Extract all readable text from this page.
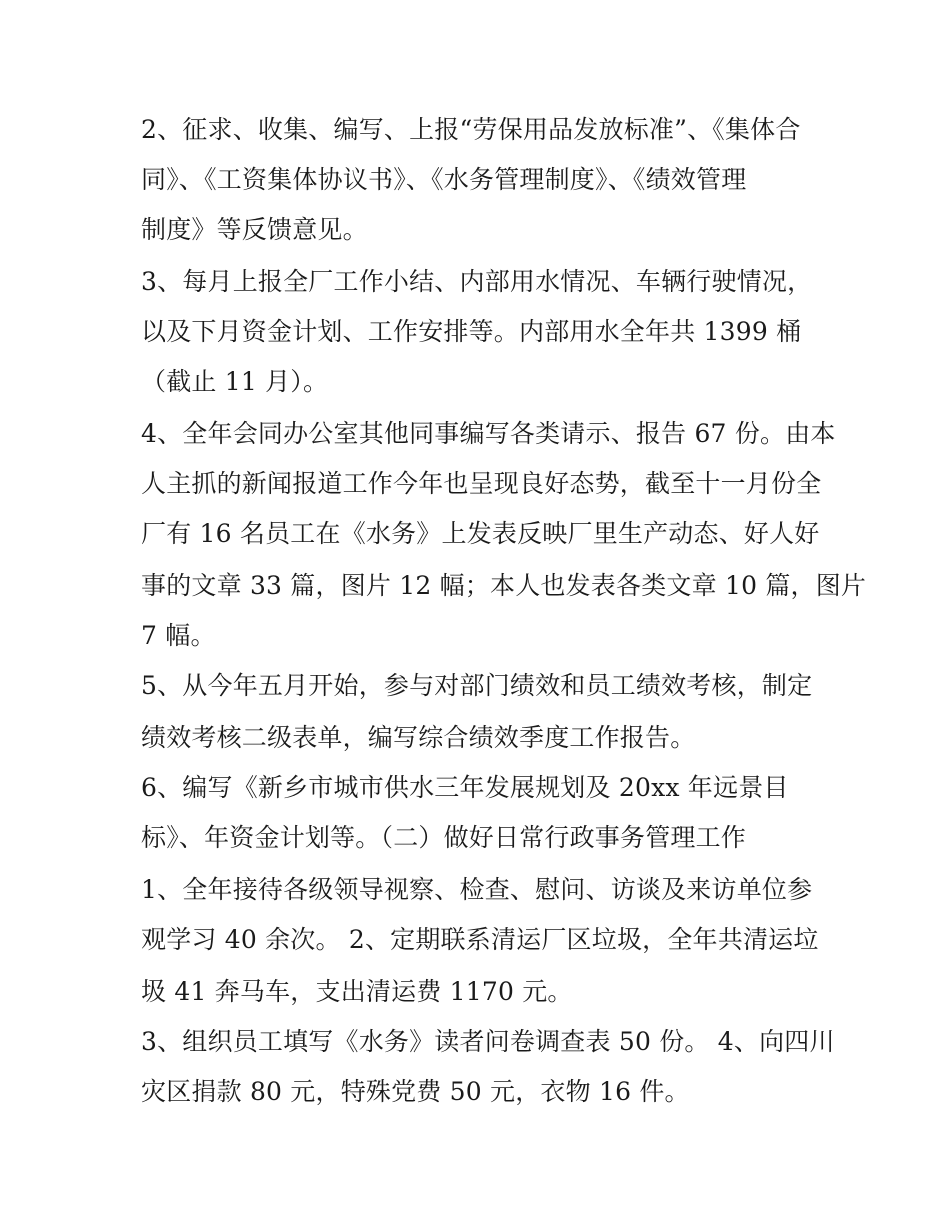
2、征求、收集、编写、上报“劳保用品发放标准”、《集体合
同》、《工资集体协议书》、《水务管理制度》、《绩效管理
制度》等反馈意见。
3、每月上报全厂工作小结、内部用水情况、车辆行驶情况，
以及下月资金计划、工作安排等。内部用水全年共 1399 桶
（截止 11 月）。
4、全年会同办公室其他同事编写各类请示、报告 67 份。由本
人主抓的新闻报道工作今年也呈现良好态势，截至十一月份全
厂有 16 名员工在《水务》上发表反映厂里生产动态、好人好
事的文章 33 篇，图片 12 幅；本人也发表各类文章 10 篇，图片
7 幅。
5、从今年五月开始，参与对部门绩效和员工绩效考核，制定
绩效考核二级表单，编写综合绩效季度工作报告。
6、编写《新乡市城市供水三年发展规划及 20xx 年远景目
标》、年资金计划等。（二）做好日常行政事务管理工作
1、全年接待各级领导视察、检查、慰问、访谈及来访单位参
观学习 40 余次。 2、定期联系清运厂区垃圾，全年共清运垃
圾 41 奔马车，支出清运费 1170 元。
3、组织员工填写《水务》读者问卷调查表 50 份。 4、向四川
灾区捐款 80 元，特殊党费 50 元，衣物 16 件。
